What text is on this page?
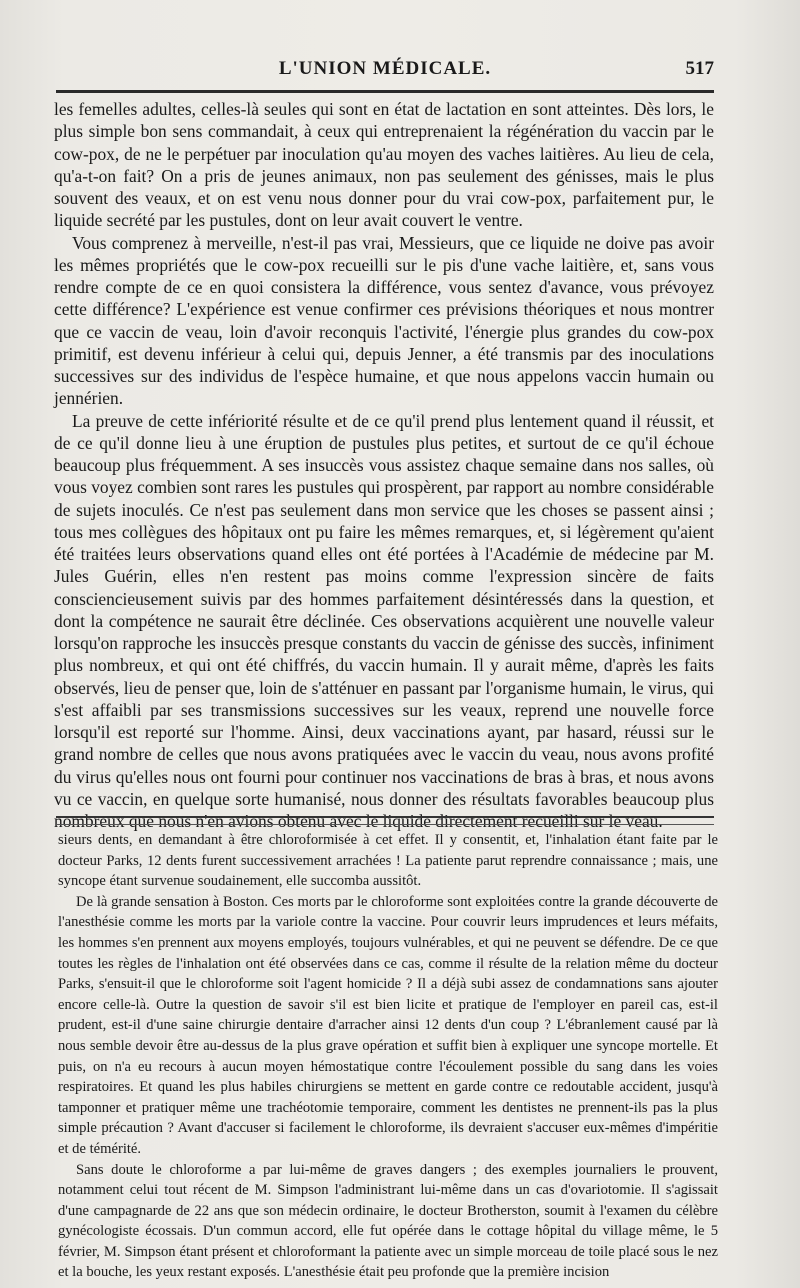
L'UNION MÉDICALE.	517

les femelles adultes, celles-là seules qui sont en état de lactation en sont atteintes. Dès lors, le plus simple bon sens commandait, à ceux qui entreprenaient la régénération du vaccin par le cow-pox, de ne le perpétuer par inoculation qu'au moyen des vaches laitières. Au lieu de cela, qu'a-t-on fait? On a pris de jeunes animaux, non pas seulement des génisses, mais le plus souvent des veaux, et on est venu nous donner pour du vrai cow-pox, parfaitement pur, le liquide secrété par les pustules, dont on leur avait couvert le ventre.

Vous comprenez à merveille, n'est-il pas vrai, Messieurs, que ce liquide ne doive pas avoir les mêmes propriétés que le cow-pox recueilli sur le pis d'une vache laitière, et, sans vous rendre compte de ce en quoi consistera la différence, vous sentez d'avance, vous prévoyez cette différence? L'expérience est venue confirmer ces prévisions théoriques et nous montrer que ce vaccin de veau, loin d'avoir reconquis l'activité, l'énergie plus grandes du cow-pox primitif, est devenu inférieur à celui qui, depuis Jenner, a été transmis par des inoculations successives sur des individus de l'espèce humaine, et que nous appelons vaccin humain ou jennérien.

La preuve de cette infériorité résulte et de ce qu'il prend plus lentement quand il réussit, et de ce qu'il donne lieu à une éruption de pustules plus petites, et surtout de ce qu'il échoue beaucoup plus fréquemment. A ses insuccès vous assistez chaque semaine dans nos salles, où vous voyez combien sont rares les pustules qui prospèrent, par rapport au nombre considérable de sujets inoculés. Ce n'est pas seulement dans mon service que les choses se passent ainsi ; tous mes collègues des hôpitaux ont pu faire les mêmes remarques, et, si légèrement qu'aient été traitées leurs observations quand elles ont été portées à l'Académie de médecine par M. Jules Guérin, elles n'en restent pas moins comme l'expression sincère de faits consciencieusement suivis par des hommes parfaitement désintéressés dans la question, et dont la compétence ne saurait être déclinée. Ces observations acquièrent une nouvelle valeur lorsqu'on rapproche les insuccès presque constants du vaccin de génisse des succès, infiniment plus nombreux, et qui ont été chiffrés, du vaccin humain. Il y aurait même, d'après les faits observés, lieu de penser que, loin de s'atténuer en passant par l'organisme humain, le virus, qui s'est affaibli par ses transmissions successives sur les veaux, reprend une nouvelle force lorsqu'il est reporté sur l'homme. Ainsi, deux vaccinations ayant, par hasard, réussi sur le grand nombre de celles que nous avons pratiquées avec le vaccin du veau, nous avons profité du virus qu'elles nous ont fourni pour continuer nos vaccinations de bras à bras, et nous avons vu ce vaccin, en quelque sorte humanisé, nous donner des résultats favorables beaucoup plus nombreux que nous n'en avions obtenu avec le liquide directement recueilli sur le veau.

sieurs dents, en demandant à être chloroformisée à cet effet. Il y consentit, et, l'inhalation étant faite par le docteur Parks, 12 dents furent successivement arrachées ! La patiente parut reprendre connaissance ; mais, une syncope étant survenue soudainement, elle succomba aussitôt.

De là grande sensation à Boston. Ces morts par le chloroforme sont exploitées contre la grande découverte de l'anesthésie comme les morts par la variole contre la vaccine. Pour couvrir leurs imprudences et leurs méfaits, les hommes s'en prennent aux moyens employés, toujours vulnérables, et qui ne peuvent se défendre. De ce que toutes les règles de l'inhalation ont été observées dans ce cas, comme il résulte de la relation même du docteur Parks, s'ensuit-il que le chloroforme soit l'agent homicide ? Il a déjà subi assez de condamnations sans ajouter encore celle-là. Outre la question de savoir s'il est bien licite et pratique de l'employer en pareil cas, est-il prudent, est-il d'une saine chirurgie dentaire d'arracher ainsi 12 dents d'un coup ? L'ébranlement causé par là nous semble devoir être au-dessus de la plus grave opération et suffit bien à expliquer une syncope mortelle. Et puis, on n'a eu recours à aucun moyen hémostatique contre l'écoulement possible du sang dans les voies respiratoires. Et quand les plus habiles chirurgiens se mettent en garde contre ce redoutable accident, jusqu'à tamponner et pratiquer même une trachéotomie temporaire, comment les dentistes ne prennent-ils pas la plus simple précaution ? Avant d'accuser si facilement le chloroforme, ils devraient s'accuser eux-mêmes d'impéritie et de témérité.

Sans doute le chloroforme a par lui-même de graves dangers ; des exemples journaliers le prouvent, notamment celui tout récent de M. Simpson l'administrant lui-même dans un cas d'ovariotomie. Il s'agissait d'une campagnarde de 22 ans que son médecin ordinaire, le docteur Brotherston, soumit à l'examen du célèbre gynécologiste écossais. D'un commun accord, elle fut opérée dans le cottage hôpital du village même, le 5 février, M. Simpson étant présent et chloroformant la patiente avec un simple morceau de toile placé sous le nez et la bouche, les yeux restant exposés. L'anesthésie était peu profonde que la première incision
